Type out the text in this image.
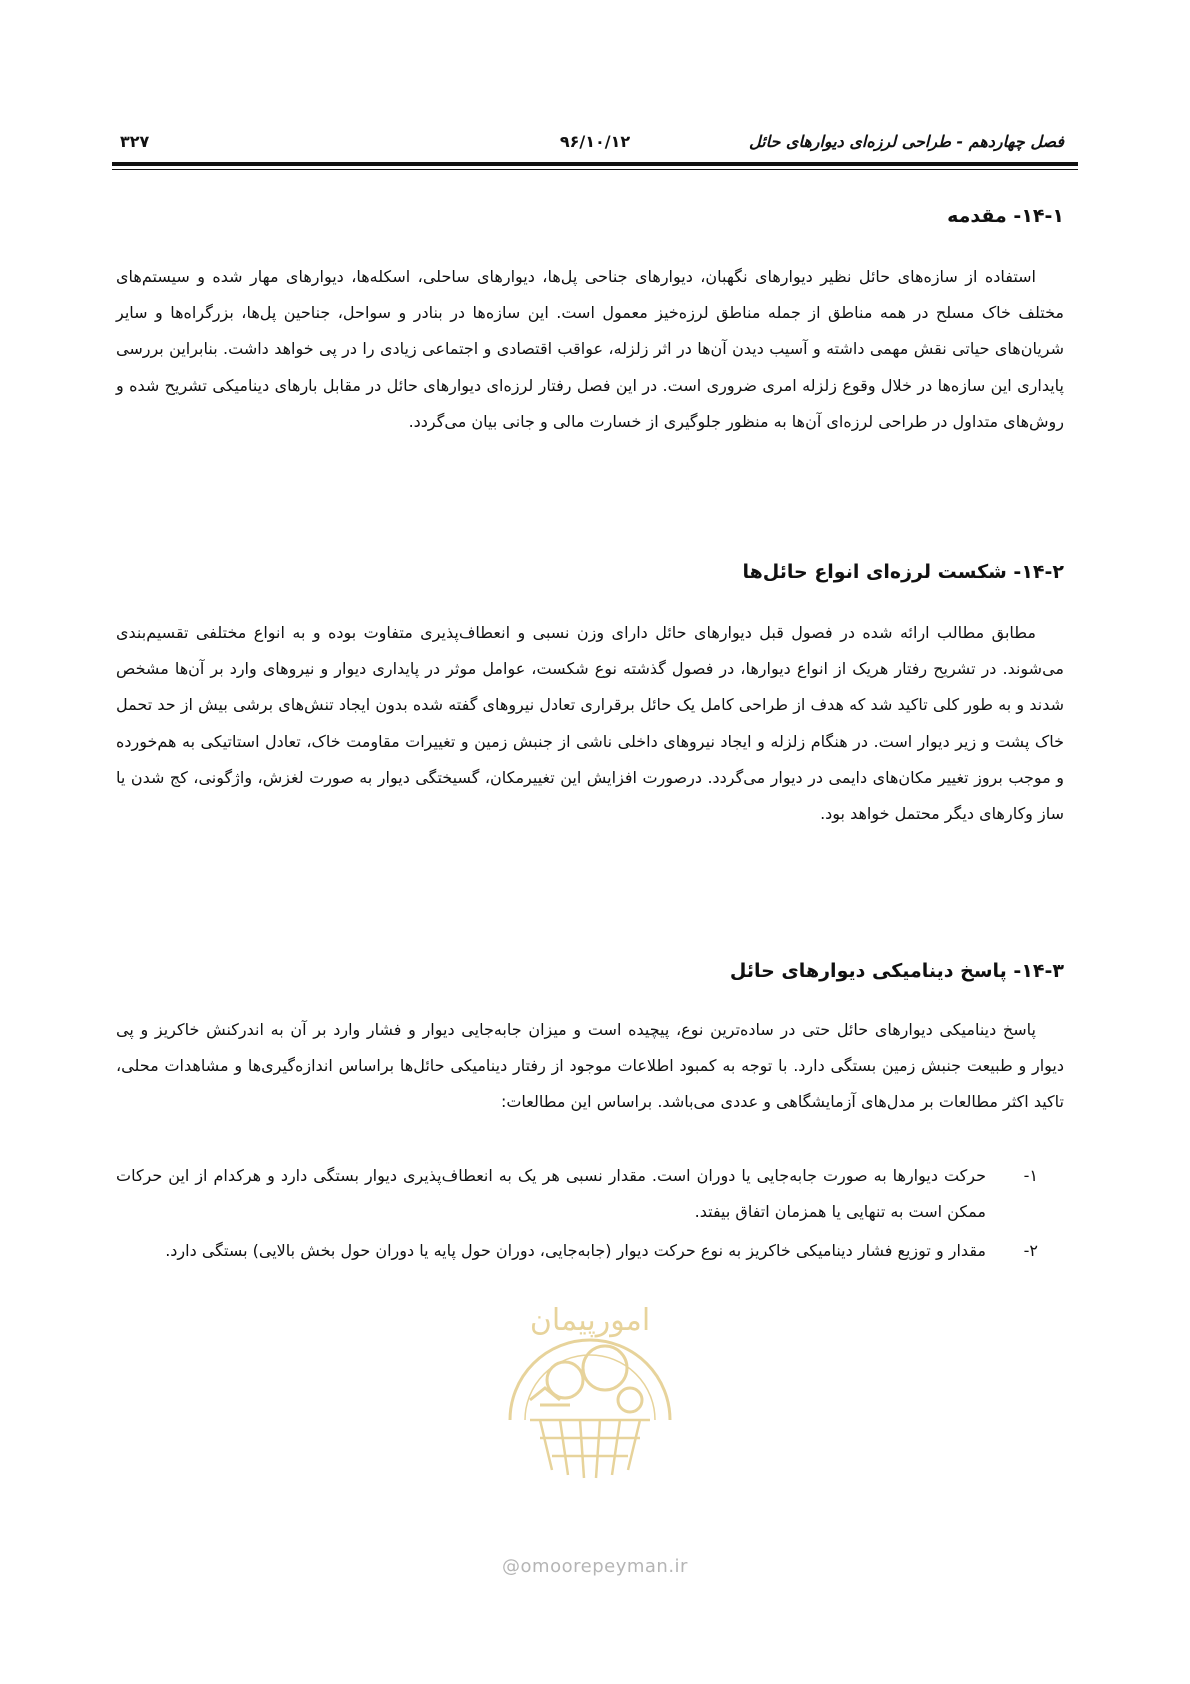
فصل چهاردهم - طراحی لرزه‌ای دیوارهای حائل
۹۶/۱۰/۱۲
۳۲۷
۱۴-۱- مقدمه

استفاده از سازه‌های حائل نظیر دیوارهای نگهبان، دیوارهای جناحی پل‌ها، دیوارهای ساحلی، اسکله‌ها، دیوارهای مهار شده و سیستم‌های مختلف خاک مسلح در همه مناطق از جمله مناطق لرزه‌خیز معمول است. این سازه‌ها در بنادر و سواحل، جناحین پل‌ها، بزرگراه‌ها و سایر شریان‌های حیاتی نقش مهمی داشته و آسیب دیدن آن‌ها در اثر زلزله، عواقب اقتصادی و اجتماعی زیادی را در پی خواهد داشت. بنابراین بررسی پایداری این سازه‌ها در خلال وقوع زلزله امری ضروری است. در این فصل رفتار لرزه‌ای دیوارهای حائل در مقابل بارهای دینامیکی تشریح شده و روش‌های متداول در طراحی لرزه‌ای آن‌ها به منظور جلوگیری از خسارت مالی و جانی بیان می‌گردد.

۱۴-۲- شکست لرزه‌ای انواع حائل‌ها

مطابق مطالب ارائه شده در فصول قبل دیوارهای حائل دارای وزن نسبی و انعطاف‌پذیری متفاوت بوده و به انواع مختلفی تقسیم‌بندی می‌شوند. در تشریح رفتار هریک از انواع دیوارها، در فصول گذشته نوع شکست، عوامل موثر در پایداری دیوار و نیروهای وارد بر آن‌ها مشخص شدند و به طور کلی تاکید شد که هدف از طراحی کامل یک حائل برقراری تعادل نیروهای گفته شده بدون ایجاد تنش‌های برشی بیش از حد تحمل خاک پشت و زیر دیوار است. در هنگام زلزله و ایجاد نیروهای داخلی ناشی از جنبش زمین و تغییرات مقاومت خاک، تعادل استاتیکی به هم‌خورده و موجب بروز تغییر مکان‌های دایمی در دیوار می‌گردد. درصورت افزایش این تغییرمکان، گسیختگی دیوار به صورت لغزش، واژگونی، کج شدن یا ساز وکارهای دیگر محتمل خواهد بود.

۱۴-۳- پاسخ دینامیکی دیوارهای حائل

پاسخ دینامیکی دیوارهای حائل حتی در ساده‌ترین نوع، پیچیده است و میزان جابه‌جایی دیوار و فشار وارد بر آن به اندرکنش خاکریز و پی دیوار و طبیعت جنبش زمین بستگی دارد. با توجه به کمبود اطلاعات موجود از رفتار دینامیکی حائل‌ها براساس اندازه‌گیری‌ها و مشاهدات محلی، تاکید اکثر مطالعات بر مدل‌های آزمایشگاهی و عددی می‌باشد. براساس این مطالعات:

۱-
حرکت دیوارها به صورت جابه‌جایی یا دوران است. مقدار نسبی هر یک به انعطاف‌پذیری دیوار بستگی دارد و هرکدام از این حرکات ممکن است به تنهایی یا همزمان اتفاق بیفتد.
۲-
مقدار و توزیع فشار دینامیکی خاکریز به نوع حرکت دیوار (جابه‌جایی، دوران حول پایه یا دوران حول بخش بالایی) بستگی دارد.
امورپیمان
@omoorepeyman.ir
